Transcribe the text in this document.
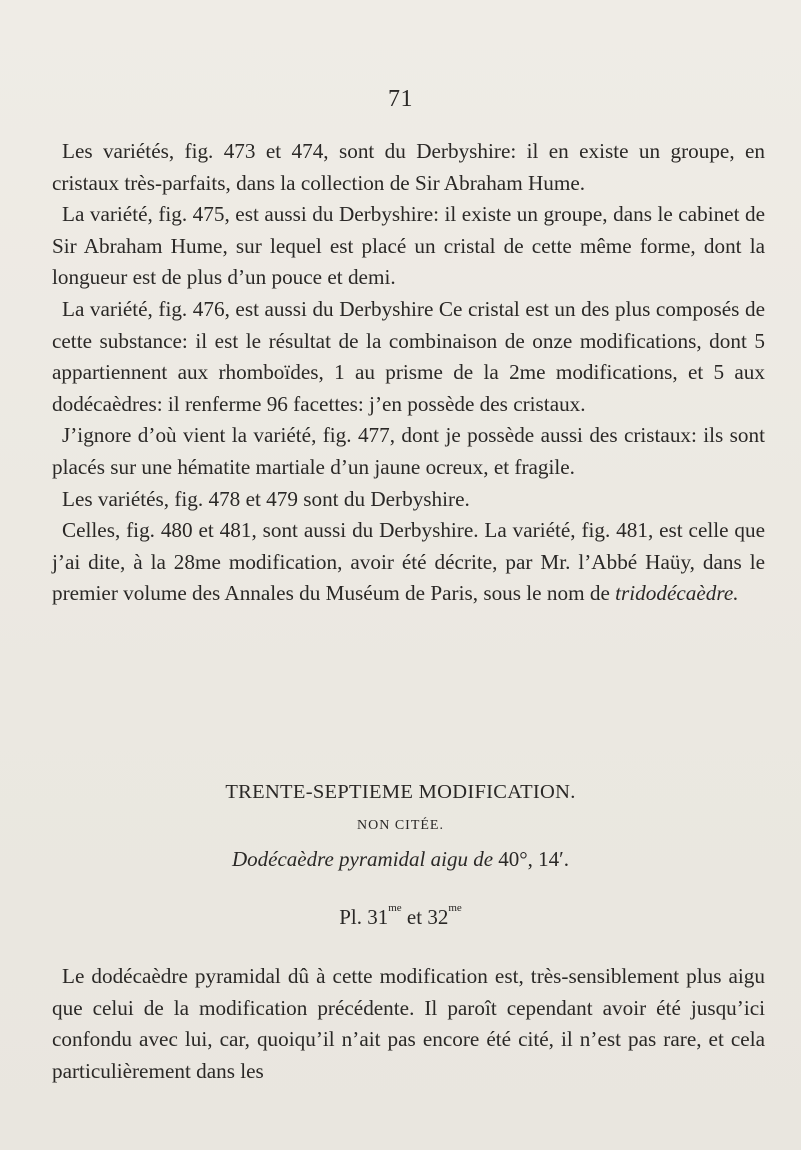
71

Les variétés, fig. 473 et 474, sont du Derbyshire: il en existe un groupe, en cristaux très-parfaits, dans la collection de Sir Abraham Hume.

La variété, fig. 475, est aussi du Derbyshire: il existe un groupe, dans le cabinet de Sir Abraham Hume, sur lequel est placé un cristal de cette même forme, dont la longueur est de plus d’un pouce et demi.

La variété, fig. 476, est aussi du Derbyshire Ce cristal est un des plus composés de cette substance: il est le résultat de la combinaison de onze modifications, dont 5 appartiennent aux rhomboïdes, 1 au prisme de la 2me modifications, et 5 aux dodécaèdres: il renferme 96 facettes: j’en possède des cristaux.

J’ignore d’où vient la variété, fig. 477, dont je possède aussi des cristaux: ils sont placés sur une hématite martiale d’un jaune ocreux, et fragile.

Les variétés, fig. 478 et 479 sont du Derbyshire.

Celles, fig. 480 et 481, sont aussi du Derbyshire. La variété, fig. 481, est celle que j’ai dite, à la 28me modification, avoir été décrite, par Mr. l’Abbé Haüy, dans le premier volume des Annales du Muséum de Paris, sous le nom de tridodécaèdre.

TRENTE-SEPTIEME MODIFICATION.
NON CITÉE.
Dodécaèdre pyramidal aigu de 40°, 14′.
Pl. $31^{me}$ et $32^{me}$

Le dodécaèdre pyramidal dû à cette modification est, très-sensiblement plus aigu que celui de la modification précédente. Il paroît cependant avoir été jusqu’ici confondu avec lui, car, quoiqu’il n’ait pas encore été cité, il n’est pas rare, et cela particulièrement dans les
